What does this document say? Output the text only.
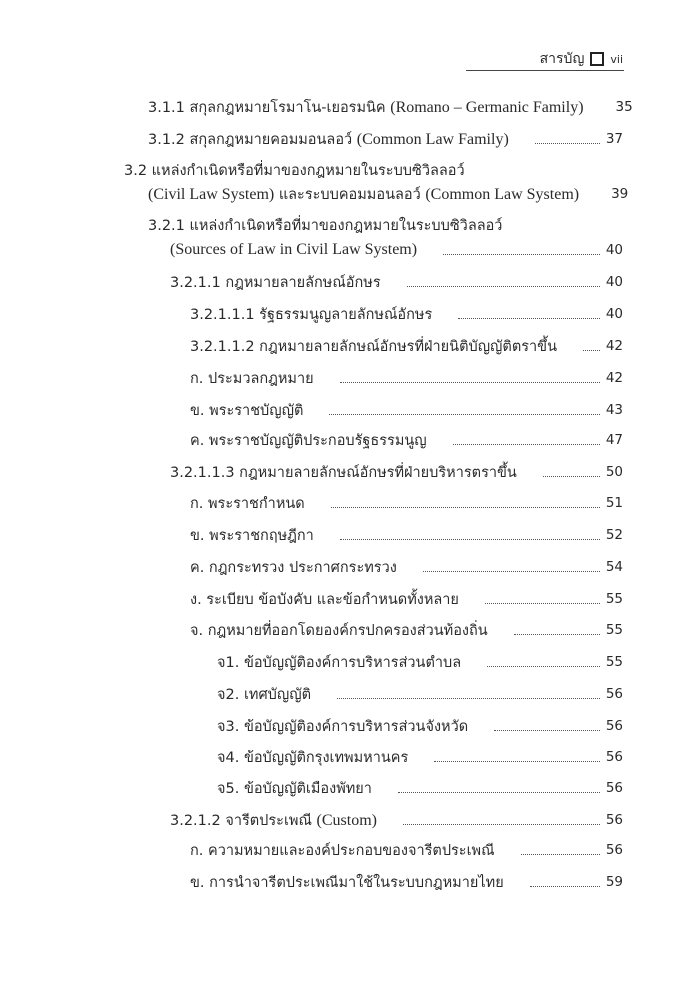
สารบัญ vii
3.1.1 สกุลกฎหมายโรมาโน-เยอรมนิค (Romano – Germanic Family) 35
3.1.2 สกุลกฎหมายคอมมอนลอว์ (Common Law Family)	37
3.2 แหล่งกำเนิดหรือที่มาของกฎหมายในระบบซิวิลลอว์
(Civil Law System) และระบบคอมมอนลอว์ (Common Law System) 39
3.2.1 แหล่งกำเนิดหรือที่มาของกฎหมายในระบบซิวิลลอว์
(Sources of Law in Civil Law System)	40
3.2.1.1 กฎหมายลายลักษณ์อักษร	40
3.2.1.1.1 รัฐธรรมนูญลายลักษณ์อักษร	40
3.2.1.1.2 กฎหมายลายลักษณ์อักษรที่ฝ่ายนิติบัญญัติตราขึ้น	42
ก. ประมวลกฎหมาย	42
ข. พระราชบัญญัติ	43
ค. พระราชบัญญัติประกอบรัฐธรรมนูญ	47
3.2.1.1.3 กฎหมายลายลักษณ์อักษรที่ฝ่ายบริหารตราขึ้น	50
ก. พระราชกำหนด	51
ข. พระราชกฤษฎีกา	52
ค. กฎกระทรวง ประกาศกระทรวง	54
ง. ระเบียบ ข้อบังคับ และข้อกำหนดทั้งหลาย	55
จ. กฎหมายที่ออกโดยองค์กรปกครองส่วนท้องถิ่น	55
จ1. ข้อบัญญัติองค์การบริหารส่วนตำบล	55
จ2. เทศบัญญัติ	56
จ3. ข้อบัญญัติองค์การบริหารส่วนจังหวัด	56
จ4. ข้อบัญญัติกรุงเทพมหานคร	56
จ5. ข้อบัญญัติเมืองพัทยา	56
3.2.1.2 จารีตประเพณี (Custom)	56
ก. ความหมายและองค์ประกอบของจารีตประเพณี	56
ข. การนำจารีตประเพณีมาใช้ในระบบกฎหมายไทย	59
